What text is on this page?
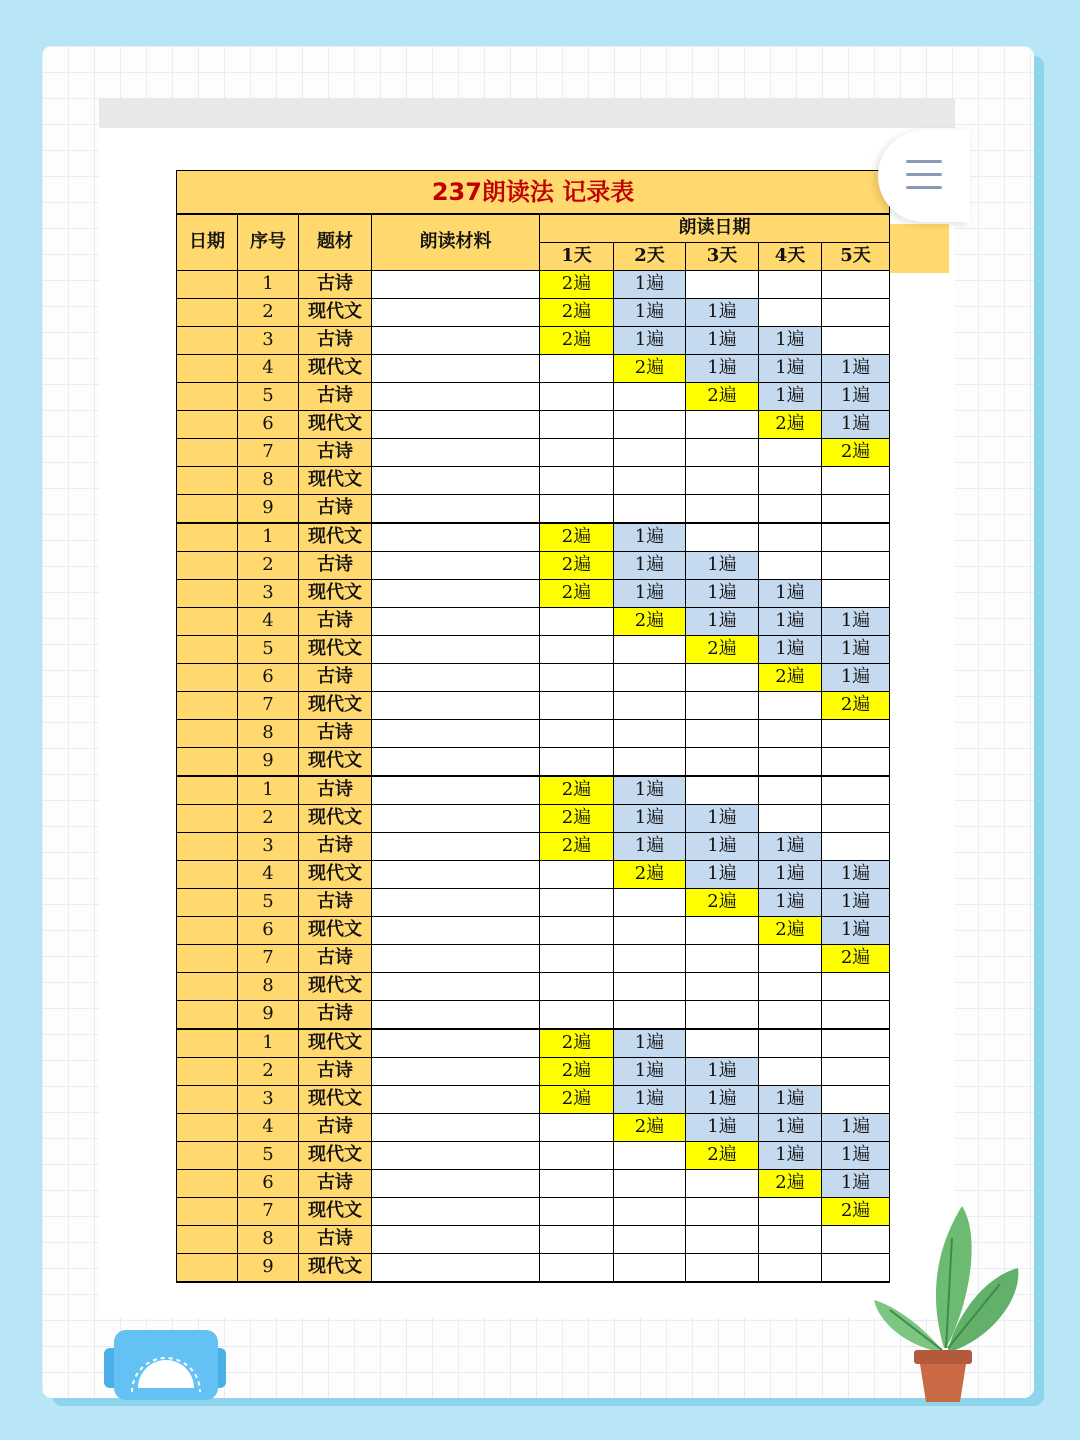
237朗读法 记录表								
日期	序号	题材	朗读材料	朗读日期				
				1天	2天	3天	4天	5天
	1	古诗		2遍	1遍			
	2	现代文		2遍	1遍	1遍		
	3	古诗		2遍	1遍	1遍	1遍	
	4	现代文			2遍	1遍	1遍	1遍
	5	古诗				2遍	1遍	1遍
	6	现代文					2遍	1遍
	7	古诗						2遍
	8	现代文						
	9	古诗						
	1	现代文		2遍	1遍			
	2	古诗		2遍	1遍	1遍		
	3	现代文		2遍	1遍	1遍	1遍	
	4	古诗			2遍	1遍	1遍	1遍
	5	现代文				2遍	1遍	1遍
	6	古诗					2遍	1遍
	7	现代文						2遍
	8	古诗						
	9	现代文						
	1	古诗		2遍	1遍			
	2	现代文		2遍	1遍	1遍		
	3	古诗		2遍	1遍	1遍	1遍	
	4	现代文			2遍	1遍	1遍	1遍
	5	古诗				2遍	1遍	1遍
	6	现代文					2遍	1遍
	7	古诗						2遍
	8	现代文						
	9	古诗						
	1	现代文		2遍	1遍			
	2	古诗		2遍	1遍	1遍		
	3	现代文		2遍	1遍	1遍	1遍	
	4	古诗			2遍	1遍	1遍	1遍
	5	现代文				2遍	1遍	1遍
	6	古诗					2遍	1遍
	7	现代文						2遍
	8	古诗						
	9	现代文						
